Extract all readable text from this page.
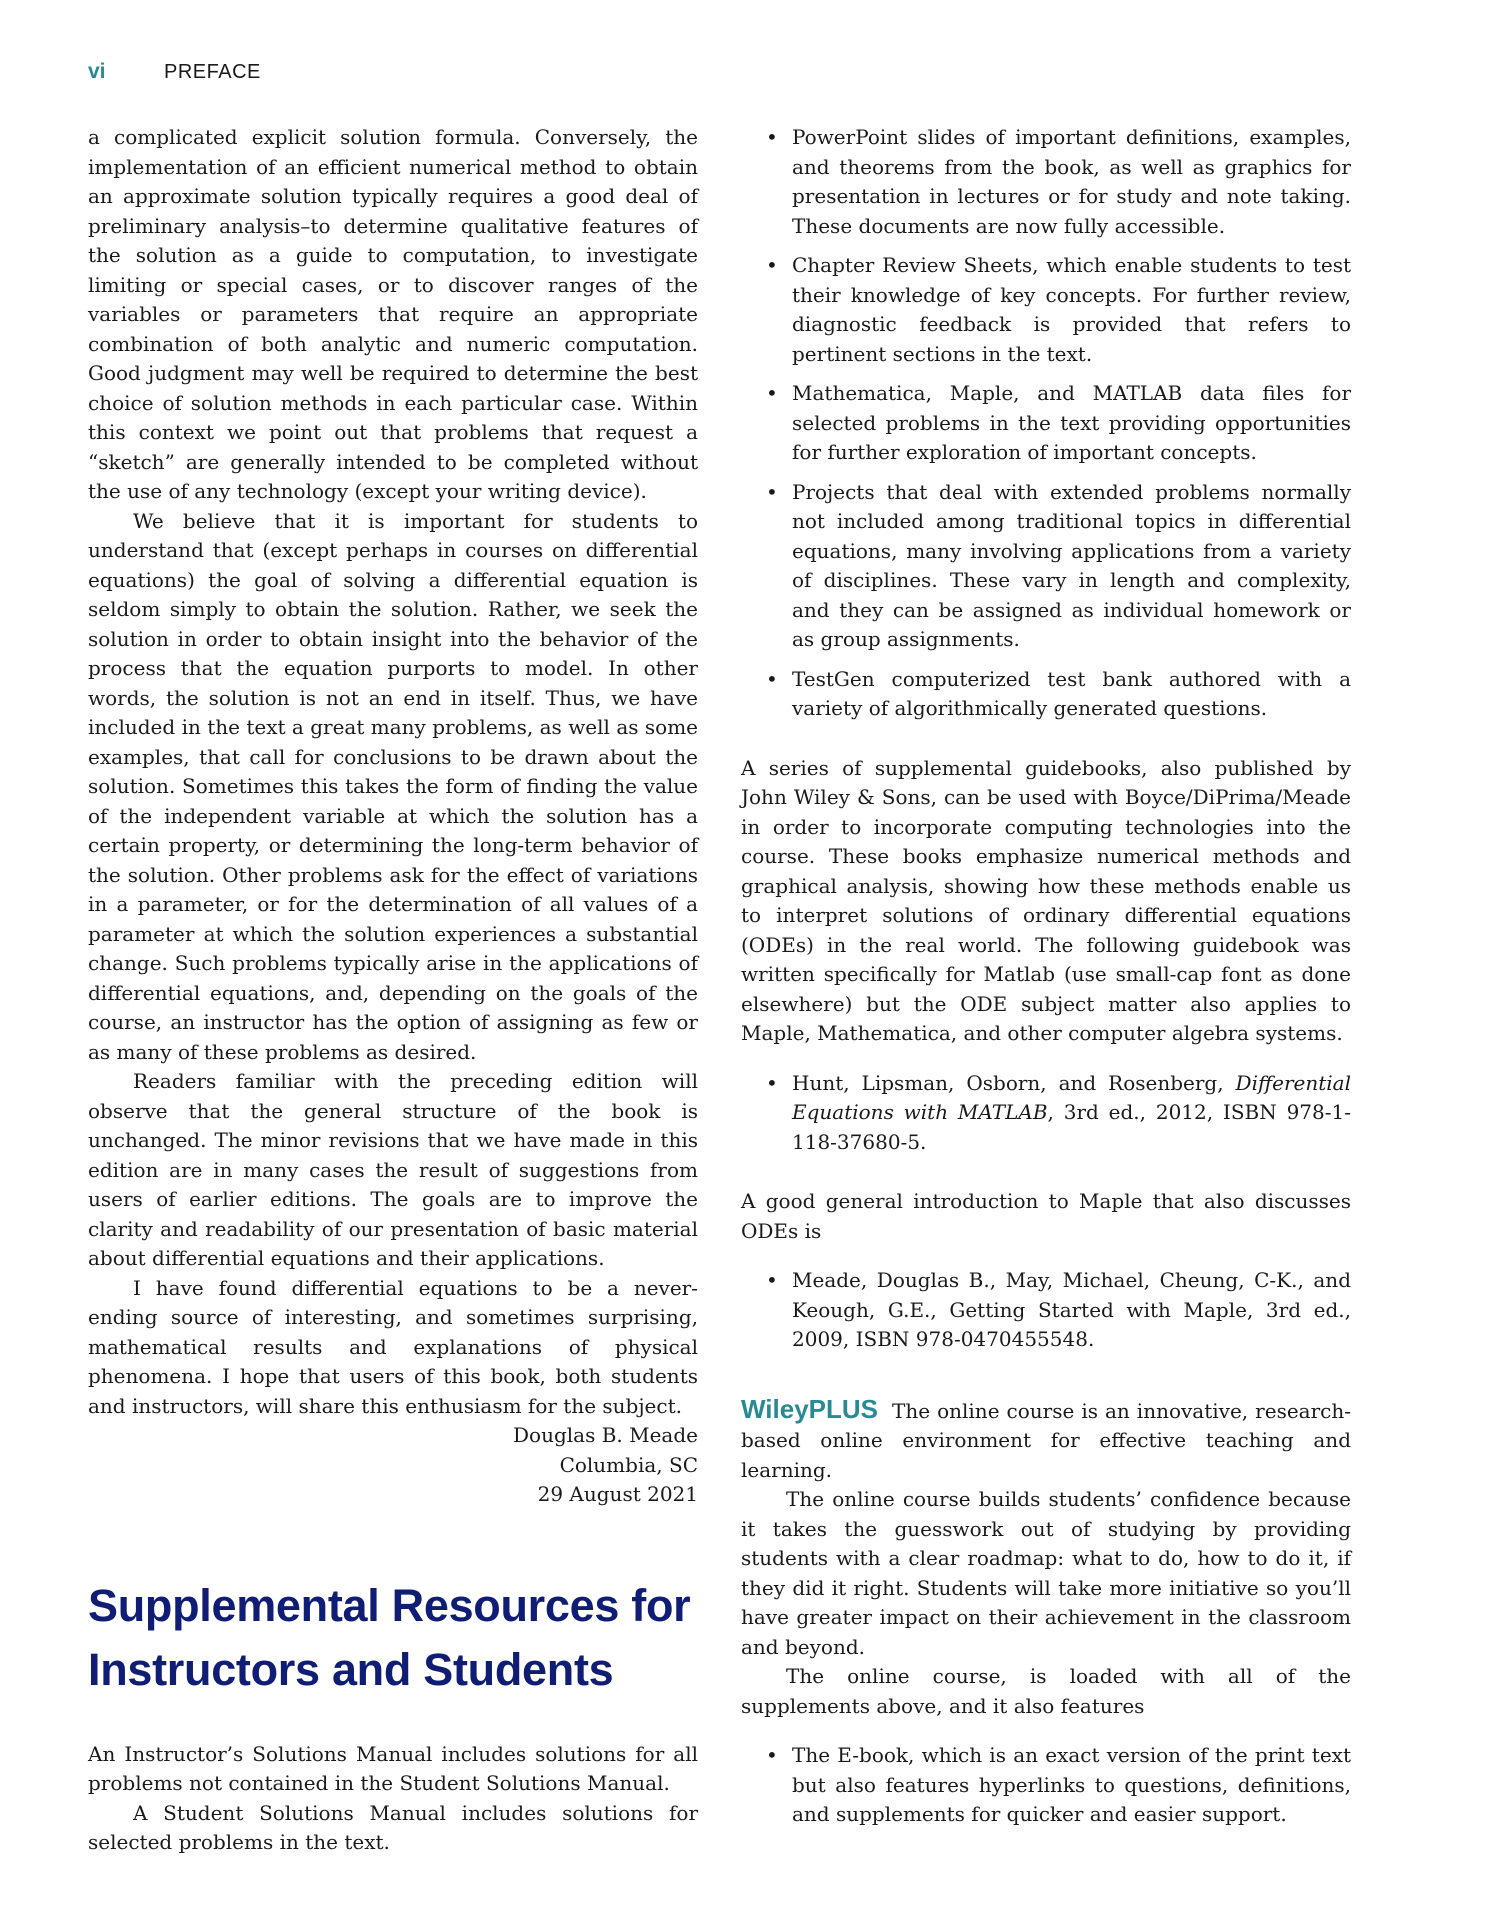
vi	PREFACE

a complicated explicit solution formula. Conversely, the implementation of an efficient numerical method to obtain an approximate solution typically requires a good deal of preliminary analysis–to determine qualitative features of the solution as a guide to computation, to investigate limiting or special cases, or to discover ranges of the variables or parameters that require an appropriate combination of both analytic and numeric computation. Good judgment may well be required to determine the best choice of solution methods in each particular case. Within this context we point out that problems that request a “sketch” are generally intended to be completed without the use of any technology (except your writing device).

We believe that it is important for students to understand that (except perhaps in courses on differential equations) the goal of solving a differential equation is seldom simply to obtain the solution. Rather, we seek the solution in order to obtain insight into the behavior of the process that the equation purports to model. In other words, the solution is not an end in itself. Thus, we have included in the text a great many problems, as well as some examples, that call for conclusions to be drawn about the solution. Sometimes this takes the form of finding the value of the independent variable at which the solution has a certain property, or determining the long-term behavior of the solution. Other problems ask for the effect of variations in a parameter, or for the determination of all values of a parameter at which the solution experiences a substantial change. Such problems typically arise in the applications of differential equations, and, depending on the goals of the course, an instructor has the option of assigning as few or as many of these problems as desired.

Readers familiar with the preceding edition will observe that the general structure of the book is unchanged. The minor revisions that we have made in this edition are in many cases the result of suggestions from users of earlier editions. The goals are to improve the clarity and readability of our presentation of basic material about differential equations and their applications.

I have found differential equations to be a never-ending source of interesting, and sometimes surprising, mathematical results and explanations of physical phenomena. I hope that users of this book, both students and instructors, will share this enthusiasm for the subject.

Douglas B. Meade
Columbia, SC
29 August 2021
Supplemental Resources for Instructors and Students

An Instructor’s Solutions Manual includes solutions for all problems not contained in the Student Solutions Manual.

A Student Solutions Manual includes solutions for selected problems in the text.

• PowerPoint slides of important definitions, examples, and theorems from the book, as well as graphics for presentation in lectures or for study and note taking. These documents are now fully accessible.
• Chapter Review Sheets, which enable students to test their knowledge of key concepts. For further review, diagnostic feedback is provided that refers to pertinent sections in the text.
• Mathematica, Maple, and MATLAB data files for selected problems in the text providing opportunities for further exploration of important concepts.
• Projects that deal with extended problems normally not included among traditional topics in differential equations, many involving applications from a variety of disciplines. These vary in length and complexity, and they can be assigned as individual homework or as group assignments.
• TestGen computerized test bank authored with a variety of algorithmically generated questions.

A series of supplemental guidebooks, also published by John Wiley & Sons, can be used with Boyce/DiPrima/Meade in order to incorporate computing technologies into the course. These books emphasize numerical methods and graphical analysis, showing how these methods enable us to interpret solutions of ordinary differential equations (ODEs) in the real world. The following guidebook was written specifically for Matlab (use small-cap font as done elsewhere) but the ODE subject matter also applies to Maple, Mathematica, and other computer algebra systems.

• Hunt, Lipsman, Osborn, and Rosenberg, Differential Equations with MATLAB, 3rd ed., 2012, ISBN 978-1-118-37680-5.

A good general introduction to Maple that also discusses ODEs is

• Meade, Douglas B., May, Michael, Cheung, C-K., and Keough, G.E., Getting Started with Maple, 3rd ed., 2009, ISBN 978-0470455548.

WileyPLUS The online course is an innovative, research-based online environment for effective teaching and learning.

The online course builds students’ confidence because it takes the guesswork out of studying by providing students with a clear roadmap: what to do, how to do it, if they did it right. Students will take more initiative so you’ll have greater impact on their achievement in the classroom and beyond.

The online course, is loaded with all of the supplements above, and it also features

• The E-book, which is an exact version of the print text but also features hyperlinks to questions, definitions, and supplements for quicker and easier support.
